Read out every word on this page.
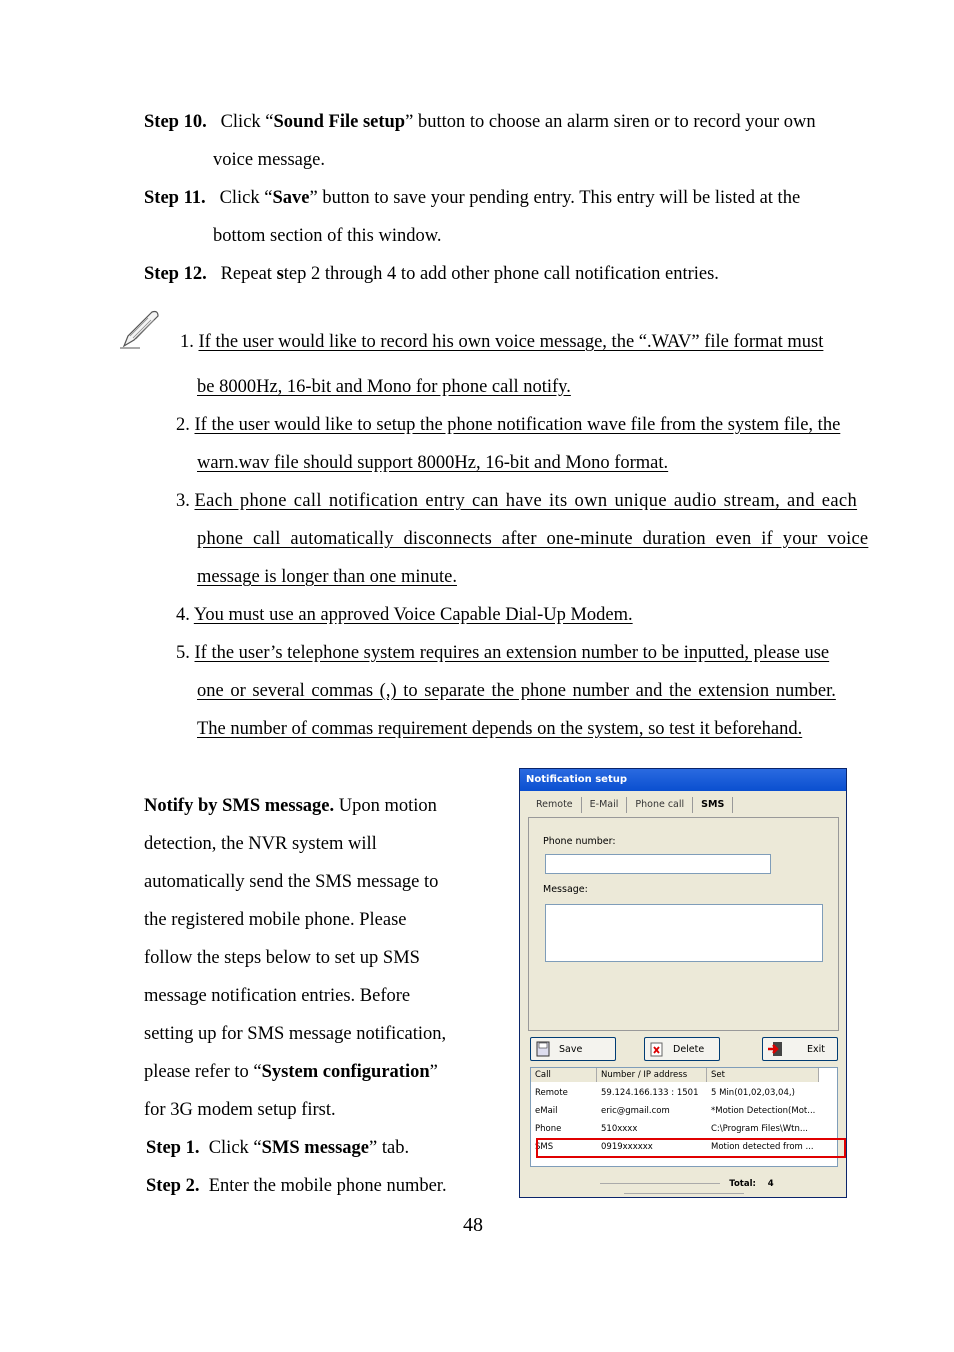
Step 10. Click “Sound File setup” button to choose an alarm siren or to record your own
voice message.
Step 11. Click “Save” button to save your pending entry. This entry will be listed at the
bottom section of this window.
Step 12. Repeat step 2 through 4 to add other phone call notification entries.
1. If the user would like to record his own voice message, the “.WAV” file format must
be 8000Hz, 16-bit and Mono for phone call notify.
2. If the user would like to setup the phone notification wave file from the system file, the
warn.wav file should support 8000Hz, 16-bit and Mono format.
3. Each phone call notification entry can have its own unique audio stream, and each
phone call automatically disconnects after one-minute duration even if your voice
message is longer than one minute.
4. You must use an approved Voice Capable Dial-Up Modem.
5. If the user’s telephone system requires an extension number to be inputted, please use
one or several commas (,) to separate the phone number and the extension number.
The number of commas requirement depends on the system, so test it beforehand.
Notify by SMS message. Upon motion
detection, the NVR system will
automatically send the SMS message to
the registered mobile phone. Please
follow the steps below to set up SMS
message notification entries. Before
setting up for SMS message notification,
please refer to “System configuration”
for 3G modem setup first.
Step 1. Click “SMS message” tab.
Step 2. Enter the mobile phone number.
Notification setup
Remote E-Mail Phone call SMS
Phone number:
Message:
Save	Delete	Exit
Call	Number / IP address	Set
Remote	59.124.166.133 : 1501	5 Min(01,02,03,04,)
eMail	eric@gmail.com	*Motion Detection(Mot...
Phone	510xxxx	C:\Program Files\Wtn...
SMS	0919xxxxxx	Motion detected from ...
Total: 4
48
